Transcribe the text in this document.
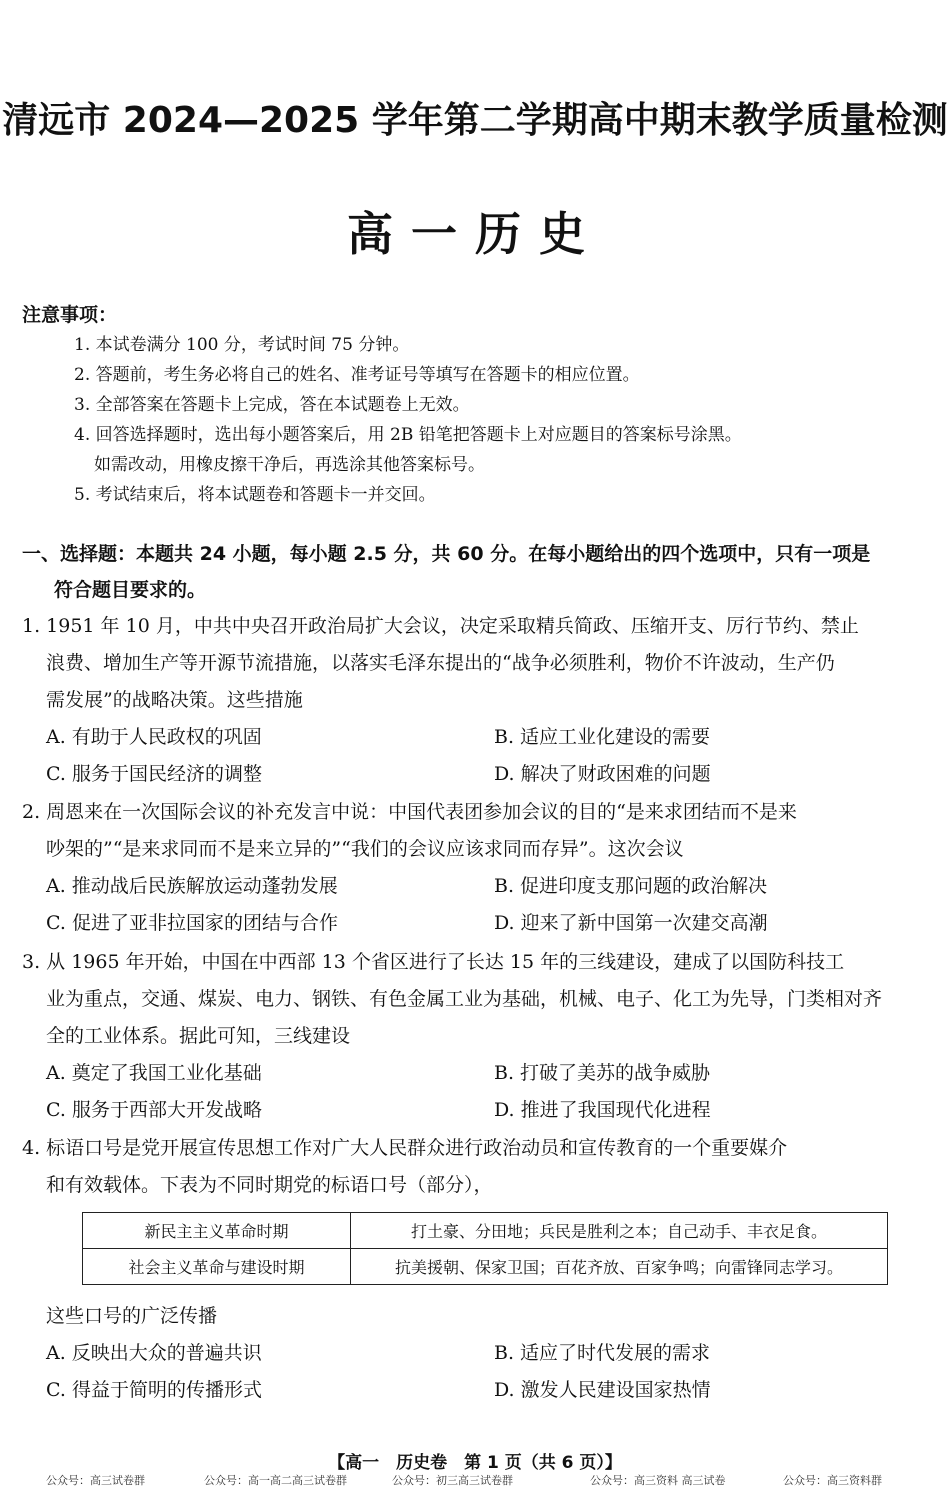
清远市 2024—2025 学年第二学期高中期末教学质量检测
高一历史
注意事项：
1. 本试卷满分 100 分，考试时间 75 分钟。
2. 答题前，考生务必将自己的姓名、准考证号等填写在答题卡的相应位置。
3. 全部答案在答题卡上完成，答在本试题卷上无效。
4. 回答选择题时，选出每小题答案后，用 2B 铅笔把答题卡上对应题目的答案标号涂黑。
如需改动，用橡皮擦干净后，再选涂其他答案标号。
5. 考试结束后，将本试题卷和答题卡一并交回。
一、选择题：本题共 24 小题，每小题 2.5 分，共 60 分。在每小题给出的四个选项中，只有一项是
符合题目要求的。
1. 1951 年 10 月，中共中央召开政治局扩大会议，决定采取精兵简政、压缩开支、厉行节约、禁止
浪费、增加生产等开源节流措施，以落实毛泽东提出的“战争必须胜利，物价不许波动，生产仍
需发展”的战略决策。这些措施
A. 有助于人民政权的巩固	B. 适应工业化建设的需要
C. 服务于国民经济的调整	D. 解决了财政困难的问题
2. 周恩来在一次国际会议的补充发言中说：中国代表团参加会议的目的“是来求团结而不是来
吵架的”“是来求同而不是来立异的”“我们的会议应该求同而存异”。这次会议
A. 推动战后民族解放运动蓬勃发展	B. 促进印度支那问题的政治解决
C. 促进了亚非拉国家的团结与合作	D. 迎来了新中国第一次建交高潮
3. 从 1965 年开始，中国在中西部 13 个省区进行了长达 15 年的三线建设，建成了以国防科技工
业为重点，交通、煤炭、电力、钢铁、有色金属工业为基础，机械、电子、化工为先导，门类相对齐
全的工业体系。据此可知，三线建设
A. 奠定了我国工业化基础	B. 打破了美苏的战争威胁
C. 服务于西部大开发战略	D. 推进了我国现代化进程
4. 标语口号是党开展宣传思想工作对广大人民群众进行政治动员和宣传教育的一个重要媒介
和有效载体。下表为不同时期党的标语口号（部分），
新民主主义革命时期	打土豪、分田地；兵民是胜利之本；自己动手、丰衣足食。
社会主义革命与建设时期	抗美援朝、保家卫国；百花齐放、百家争鸣；向雷锋同志学习。
这些口号的广泛传播
A. 反映出大众的普遍共识	B. 适应了时代发展的需求
C. 得益于简明的传播形式	D. 激发人民建设国家热情
【高一　历史卷　第 1 页（共 6 页）】
公众号：高三试卷群	公众号：高一高二高三试卷群	公众号：初三高三试卷群	公众号：高三资料 高三试卷	公众号：高三资料群
